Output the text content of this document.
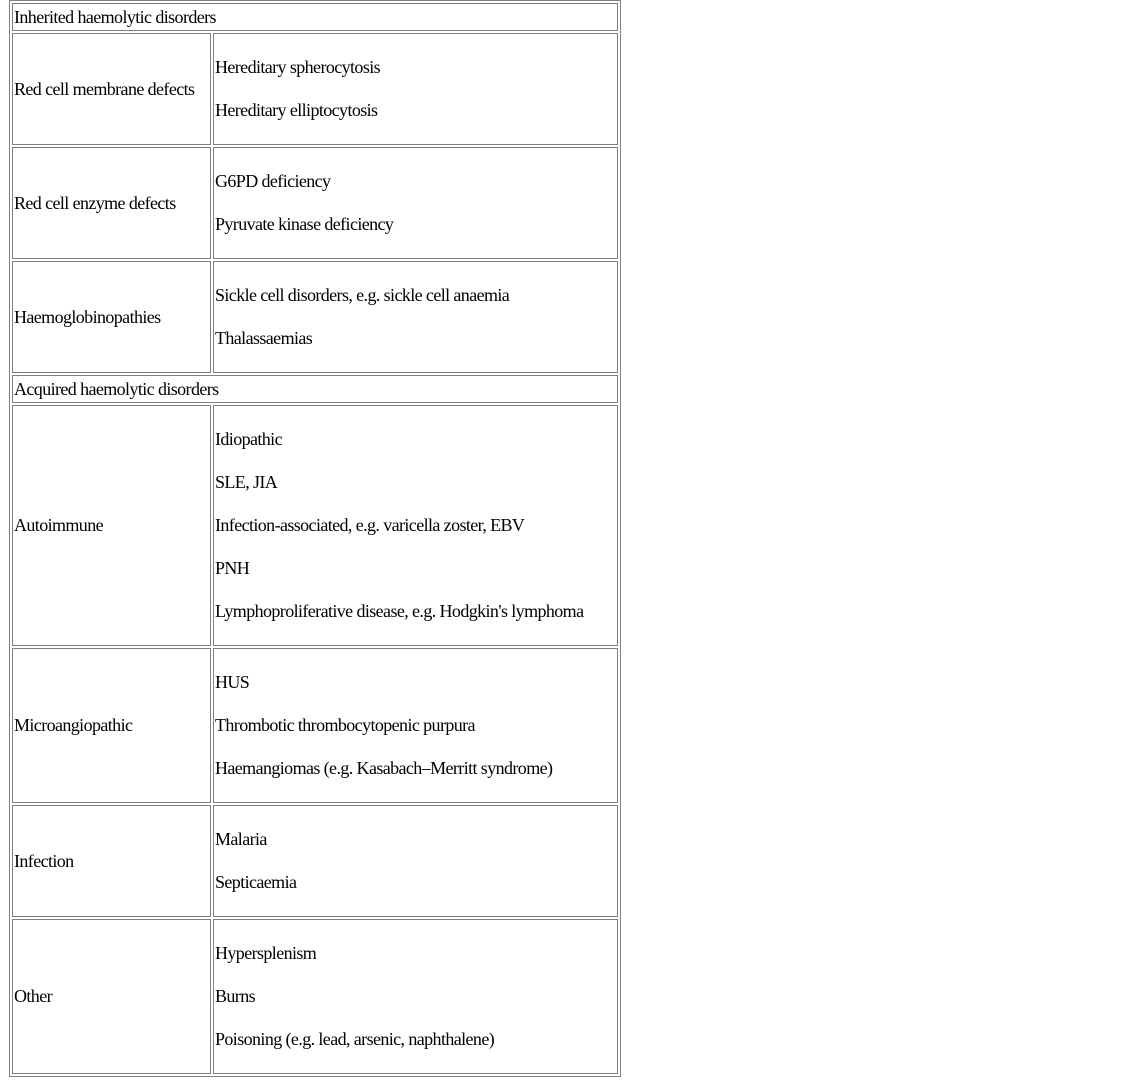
Inherited haemolytic disorders	
Red cell membrane defects	Hereditary spherocytosis

Hereditary elliptocytosis

Red cell enzyme defects	G6PD deficiency

Pyruvate kinase deficiency

Haemoglobinopathies	Sickle cell disorders, e.g. sickle cell anaemia

Thalassaemias

Acquired haemolytic disorders	
Autoimmune	Idiopathic

SLE, JIA

Infection-associated, e.g. varicella zoster, EBV

PNH

Lymphoproliferative disease, e.g. Hodgkin's lymphoma

Microangiopathic	HUS

Thrombotic thrombocytopenic purpura

Haemangiomas (e.g. Kasabach–Merritt syndrome)

Infection	Malaria

Septicaemia

Other	Hypersplenism

Burns

Poisoning (e.g. lead, arsenic, naphthalene)
